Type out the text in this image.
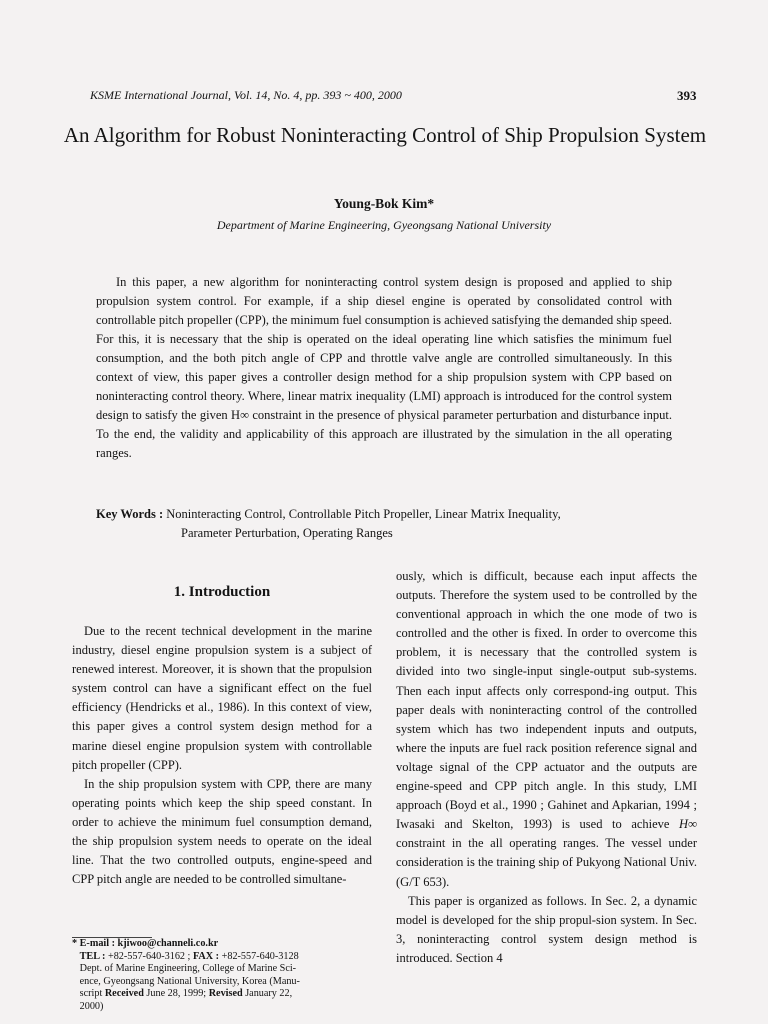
KSME International Journal, Vol. 14, No. 4, pp. 393 ~ 400, 2000	393
An Algorithm for Robust Noninteracting Control of Ship Propulsion System
Young-Bok Kim*
Department of Marine Engineering, Gyeongsang National University

In this paper, a new algorithm for noninteracting control system design is proposed and applied to ship propulsion system control. For example, if a ship diesel engine is operated by consolidated control with controllable pitch propeller (CPP), the minimum fuel consumption is achieved satisfying the demanded ship speed. For this, it is necessary that the ship is operated on the ideal operating line which satisfies the minimum fuel consumption, and the both pitch angle of CPP and throttle valve angle are controlled simultaneously. In this context of view, this paper gives a controller design method for a ship propulsion system with CPP based on noninteracting control theory. Where, linear matrix inequality (LMI) approach is introduced for the control system design to satisfy the given H∞ constraint in the presence of physical parameter perturbation and disturbance input. To the end, the validity and applicability of this approach are illustrated by the simulation in the all operating ranges.

Key Words : Noninteracting Control, Controllable Pitch Propeller, Linear Matrix Inequality,
Parameter Perturbation, Operating Ranges
1. Introduction

Due to the recent technical development in the marine industry, diesel engine propulsion system is a subject of renewed interest. Moreover, it is shown that the propulsion system control can have a significant effect on the fuel efficiency (Hendricks et al., 1986). In this context of view, this paper gives a control system design method for a marine diesel engine propulsion system with controllable pitch propeller (CPP).

In the ship propulsion system with CPP, there are many operating points which keep the ship speed constant. In order to achieve the minimum fuel consumption demand, the ship propulsion system needs to operate on the ideal line. That the two controlled outputs, engine-speed and CPP pitch angle are needed to be controlled simultane-

ously, which is difficult, because each input affects the outputs. Therefore the system used to be controlled by the conventional approach in which the one mode of two is controlled and the other is fixed. In order to overcome this problem, it is necessary that the controlled system is divided into two single-input single-output sub-systems. Then each input affects only correspond-ing output. This paper deals with noninteracting control of the controlled system which has two independent inputs and outputs, where the inputs are fuel rack position reference signal and voltage signal of the CPP actuator and the outputs are engine-speed and CPP pitch angle. In this study, LMI approach (Boyd et al., 1990 ; Gahinet and Apkarian, 1994 ; Iwasaki and Skelton, 1993) is used to achieve H∞ constraint in the all operating ranges. The vessel under consideration is the training ship of Pukyong National Univ. (G/T 653).

This paper is organized as follows. In Sec. 2, a dynamic model is developed for the ship propul-sion system. In Sec. 3, noninteracting control system design method is introduced. Section 4

* E-mail : kjiwoo@channeli.co.kr
TEL : +82-557-640-3162 ; FAX : +82-557-640-3128
Dept. of Marine Engineering, College of Marine Sci-
ence, Gyeongsang National University, Korea (Manu-
script Received June 28, 1999; Revised January 22,
2000)
